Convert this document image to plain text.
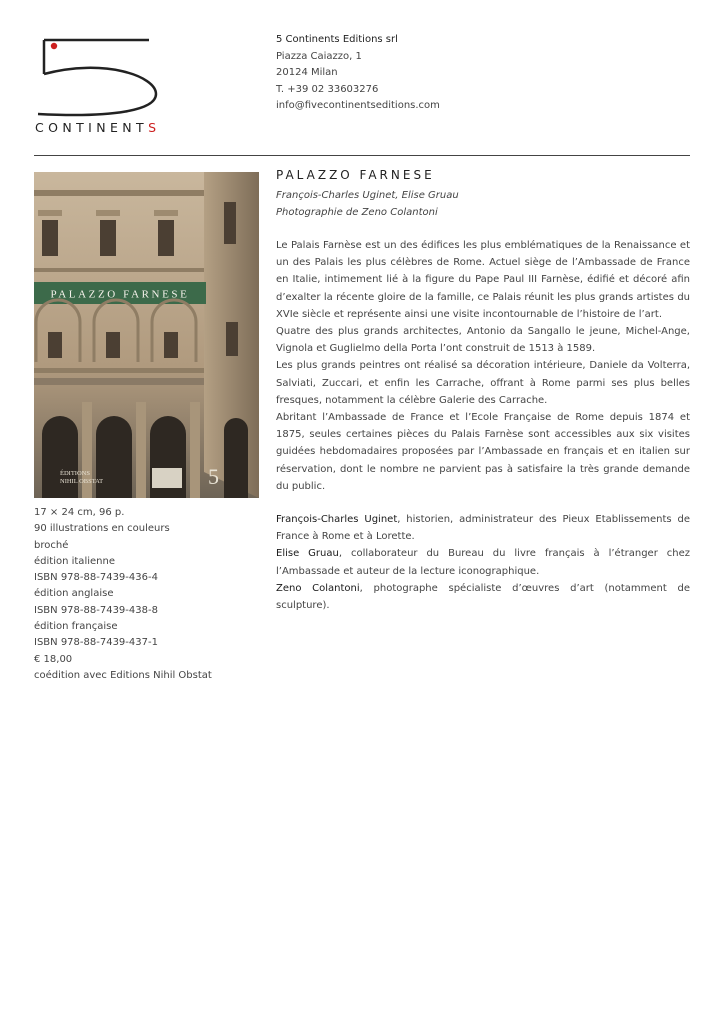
CONTINENTS
5 Continents Editions srl
Piazza Caiazzo, 1
20124 Milan
T. +39 02 33603276
info@fivecontinentseditions.com
PALAZZO FARNESE
ÉDITIONS
NIHIL OBSTAT	5
17 × 24 cm, 96 p.
90 illustrations en couleurs
broché
édition italienne
ISBN 978-88-7439-436-4
édition anglaise
ISBN 978-88-7439-438-8
édition française
ISBN 978-88-7439-437-1
€ 18,00
coédition avec Editions Nihil Obstat
PALAZZO FARNESE
François-Charles Uginet, Elise Gruau
Photographie de Zeno Colantoni

Le Palais Farnèse est un des édifices les plus emblématiques de la Renaissance et un des Palais les plus célèbres de Rome. Actuel siège de l’Ambassade de France en Italie, intimement lié à la figure du Pape Paul III Farnèse, édifié et décoré afin d’exalter la récente gloire de la famille, ce Palais réunit les plus grands artistes du XVIe siècle et représente ainsi une visite incontournable de l’histoire de l’art.

Quatre des plus grands architectes, Antonio da Sangallo le jeune, Michel-Ange, Vignola et Guglielmo della Porta l’ont construit de 1513 à 1589.

Les plus grands peintres ont réalisé sa décoration intérieure, Daniele da Volterra, Salviati, Zuccari, et enfin les Carrache, offrant à Rome parmi ses plus belles fresques, notamment la célèbre Galerie des Carrache.

Abritant l’Ambassade de France et l’Ecole Française de Rome depuis 1874 et 1875, seules certaines pièces du Palais Farnèse sont accessibles aux six visites guidées hebdomadaires proposées par l’Ambassade en français et en italien sur réservation, dont le nombre ne parvient pas à satisfaire la très grande demande du public.

François-Charles Uginet, historien, administrateur des Pieux Etablissements de France à Rome et à Lorette.

Elise Gruau, collaborateur du Bureau du livre français à l’étranger chez l’Ambassade et auteur de la lecture iconographique.

Zeno Colantoni, photographe spécialiste d’œuvres d’art (notamment de sculpture).
